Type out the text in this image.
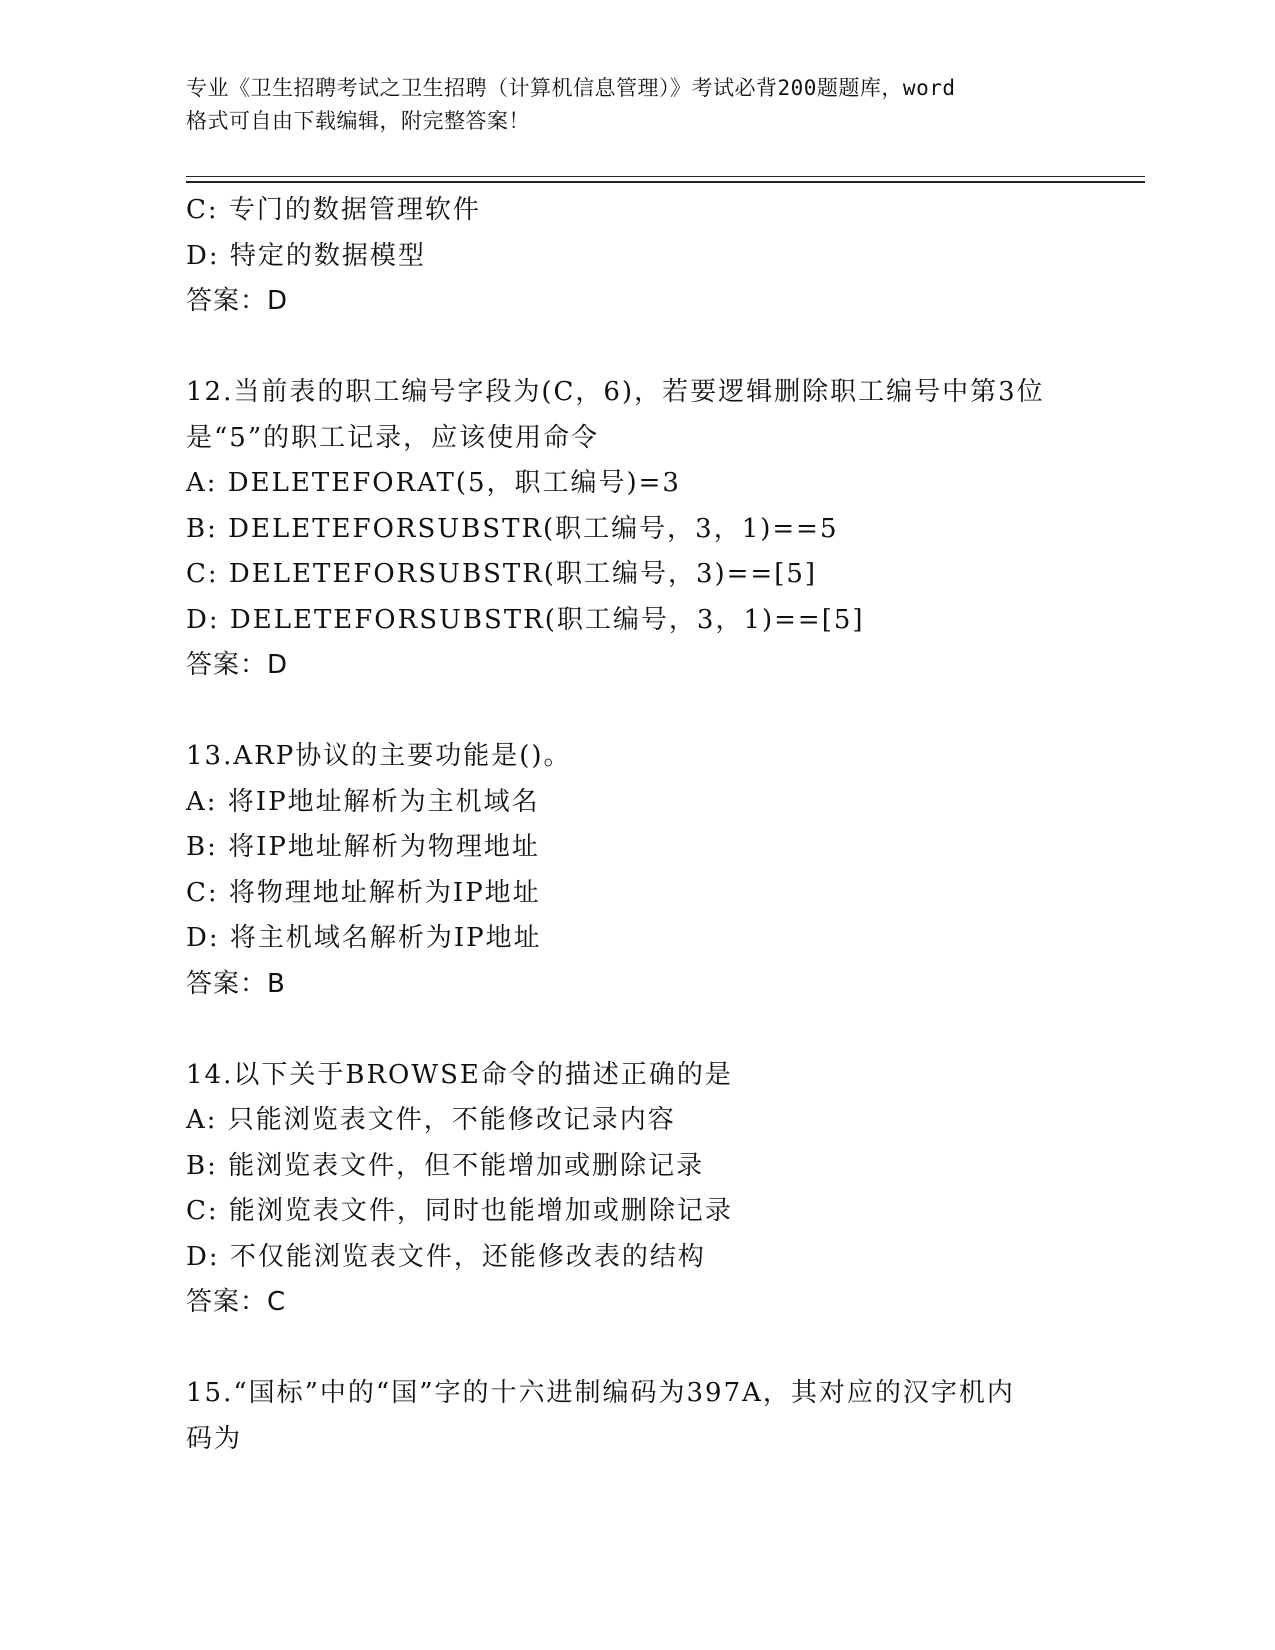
专业《卫生招聘考试之卫生招聘（计算机信息管理）》考试必背200题题库，word
格式可自由下载编辑，附完整答案！
C: 专门的数据管理软件
D: 特定的数据模型
答案：D
12.当前表的职工编号字段为(C，6)，若要逻辑删除职工编号中第3位
是“5”的职工记录，应该使用命令
A: DELETEFORAT(5，职工编号)=3
B: DELETEFORSUBSTR(职工编号，3，1)==5
C: DELETEFORSUBSTR(职工编号，3)==[5]
D: DELETEFORSUBSTR(职工编号，3，1)==[5]
答案：D
13.ARP协议的主要功能是()。
A: 将IP地址解析为主机域名
B: 将IP地址解析为物理地址
C: 将物理地址解析为IP地址
D: 将主机域名解析为IP地址
答案：B
14.以下关于BROWSE命令的描述正确的是
A: 只能浏览表文件，不能修改记录内容
B: 能浏览表文件，但不能增加或删除记录
C: 能浏览表文件，同时也能增加或删除记录
D: 不仅能浏览表文件，还能修改表的结构
答案：C
15.“国标”中的“国”字的十六进制编码为397A，其对应的汉字机内
码为
